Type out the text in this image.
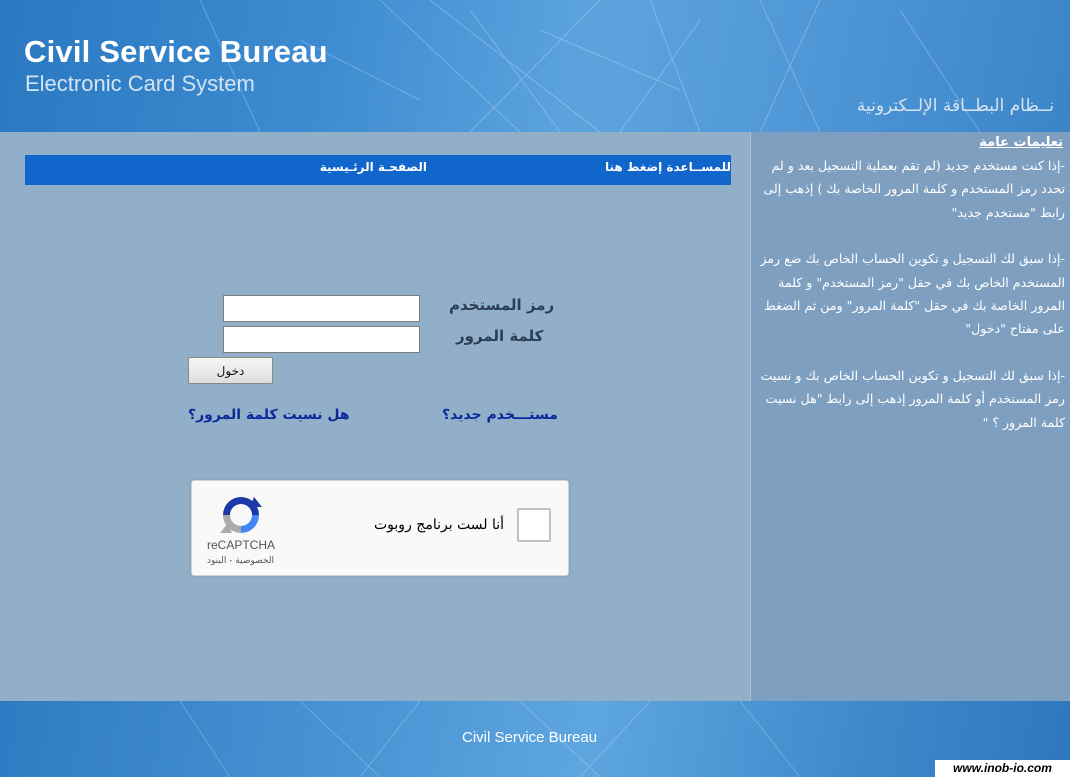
Civil Service Bureau
Electronic Card System
نــظام البطــاقة الإلــكترونية
للمســاعدة إضغط هنا
الصفحـة الرئـيسية
رمز المستخدم
كلمة المرور
دخول
مستـــخدم جديد؟
هل نسيت كلمة المرور؟
أنا لست برنامج روبوت
reCAPTCHA
الخصوصية - البنود
تعليمات عامة

-إذا كنت مستخدم جديد (لم تقم بعملية التسجيل بعد و لم تحدد رمز المستخدم و كلمة المرور الخاصة بك ) إذهب إلى رابط "مستخدم جديد"

-إذا سبق لك التسجيل و تكوين الحساب الخاص بك ضع رمز المستخدم الخاص بك في حقل "رمز المستخدم" و كلمة المرور الخاصة بك في حقل "كلمة المرور" ومن ثم الضغط على مفتاح "دخول"

-إذا سبق لك التسجيل و تكوين الحساب الخاص بك و نسيت رمز المستخدم أو كلمة المرور إذهب إلى رابط "هل نسيت كلمة المرور ؟ "

Civil Service Bureau
www.inob-io.com
